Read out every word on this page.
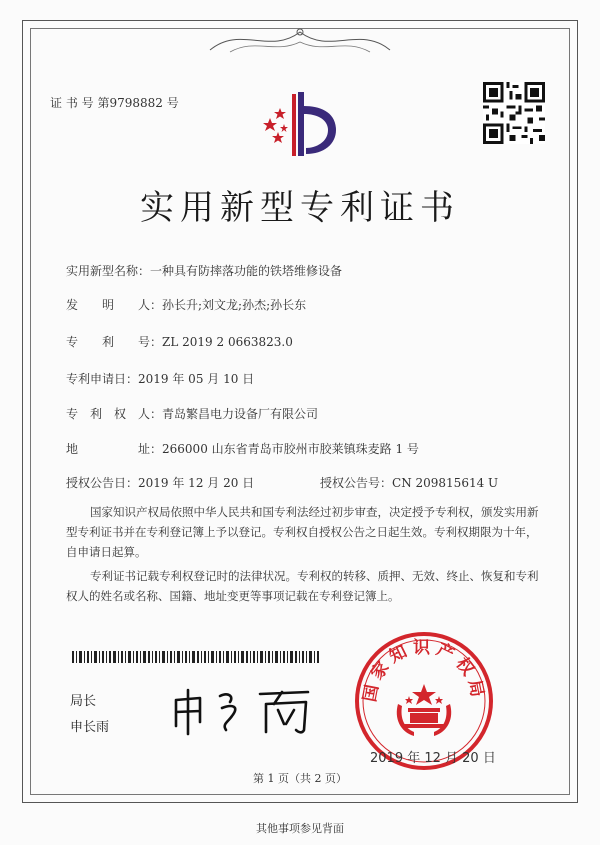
证 书 号 第9798882 号
实用新型专利证书
实用新型名称：一种具有防摔落功能的铁塔维修设备
发　　明　　人：孙长升;刘文龙;孙杰;孙长东
专　　利　　号：ZL 2019 2 0663823.0
专利申请日：2019 年 05 月 10 日
专　利　权　人：青岛繁昌电力设备厂有限公司
地　　　　　址：266000 山东省青岛市胶州市胶莱镇珠麦路 1 号
授权公告日：2019 年 12 月 20 日	授权公告号：CN 209815614 U
国家知识产权局依照中华人民共和国专利法经过初步审查，决定授予专利权，颁发实用新型专利证书并在专利登记簿上予以登记。专利权自授权公告之日起生效。专利权期限为十年，自申请日起算。
专利证书记载专利权登记时的法律状况。专利权的转移、质押、无效、终止、恢复和专利权人的姓名或名称、国籍、地址变更等事项记载在专利登记簿上。
局长
申长雨
国家知识产权局
2019 年 12 月 20 日
第 1 页（共 2 页）
其他事项参见背面
